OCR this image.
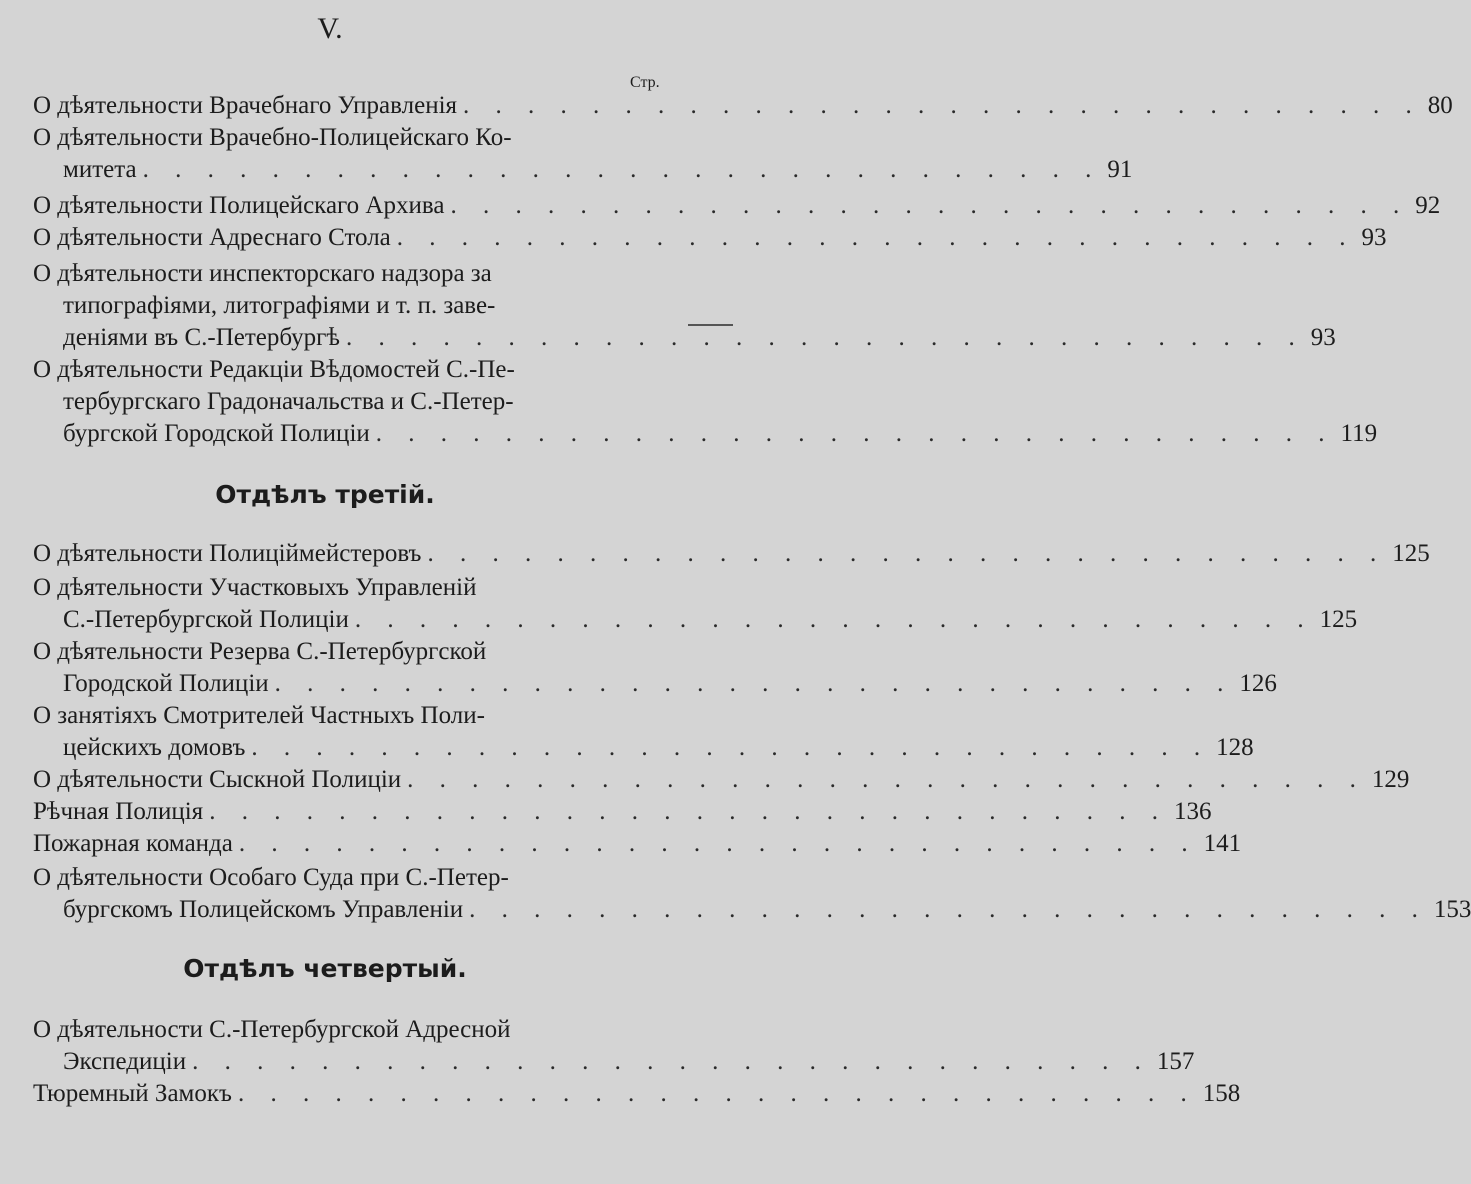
V.
Стр.
О дѣятельности Врачебнаго Управленія . . . . . . . . . . . . . . . . . . . . . . . . . . . . . . 80
О дѣятельности Врачебно-Полицейскаго Ко-
митета . . . . . . . . . . . . . . . . . . . . . . . . . . . . . . 91
О дѣятельности Полицейскаго Архива . . . . . . . . . . . . . . . . . . . . . . . . . . . . . . 92
О дѣятельности Адреснаго Стола . . . . . . . . . . . . . . . . . . . . . . . . . . . . . . 93
О дѣятельности инспекторскаго надзора за
типографіями, литографіями и т. п. заве-
деніями въ С.-Петербургѣ . . . . . . . . . . . . . . . . . . . . . . . . . . . . . . 93
О дѣятельности Редакціи Вѣдомостей С.-Пе-
тербургскаго Градоначальства и С.-Петер-
бургской Городской Полиціи . . . . . . . . . . . . . . . . . . . . . . . . . . . . . . 119
Отдѣлъ третій.
О дѣятельности Полиціймейстеровъ . . . . . . . . . . . . . . . . . . . . . . . . . . . . . . 125
О дѣятельности Участковыхъ Управленій
С.-Петербургской Полиціи . . . . . . . . . . . . . . . . . . . . . . . . . . . . . . 125
О дѣятельности Резерва С.-Петербургской
Городской Полиціи . . . . . . . . . . . . . . . . . . . . . . . . . . . . . . 126
О занятіяхъ Смотрителей Частныхъ Поли-
цейскихъ домовъ . . . . . . . . . . . . . . . . . . . . . . . . . . . . . . 128
О дѣятельности Сыскной Полиціи . . . . . . . . . . . . . . . . . . . . . . . . . . . . . . 129
Рѣчная Полиція . . . . . . . . . . . . . . . . . . . . . . . . . . . . . . 136
Пожарная команда . . . . . . . . . . . . . . . . . . . . . . . . . . . . . . 141
О дѣятельности Особаго Суда при С.-Петер-
бургскомъ Полицейскомъ Управленіи . . . . . . . . . . . . . . . . . . . . . . . . . . . . . . 153
Отдѣлъ четвертый.
О дѣятельности С.-Петербургской Адресной
Экспедиціи . . . . . . . . . . . . . . . . . . . . . . . . . . . . . . 157
Тюремный Замокъ . . . . . . . . . . . . . . . . . . . . . . . . . . . . . . 158
